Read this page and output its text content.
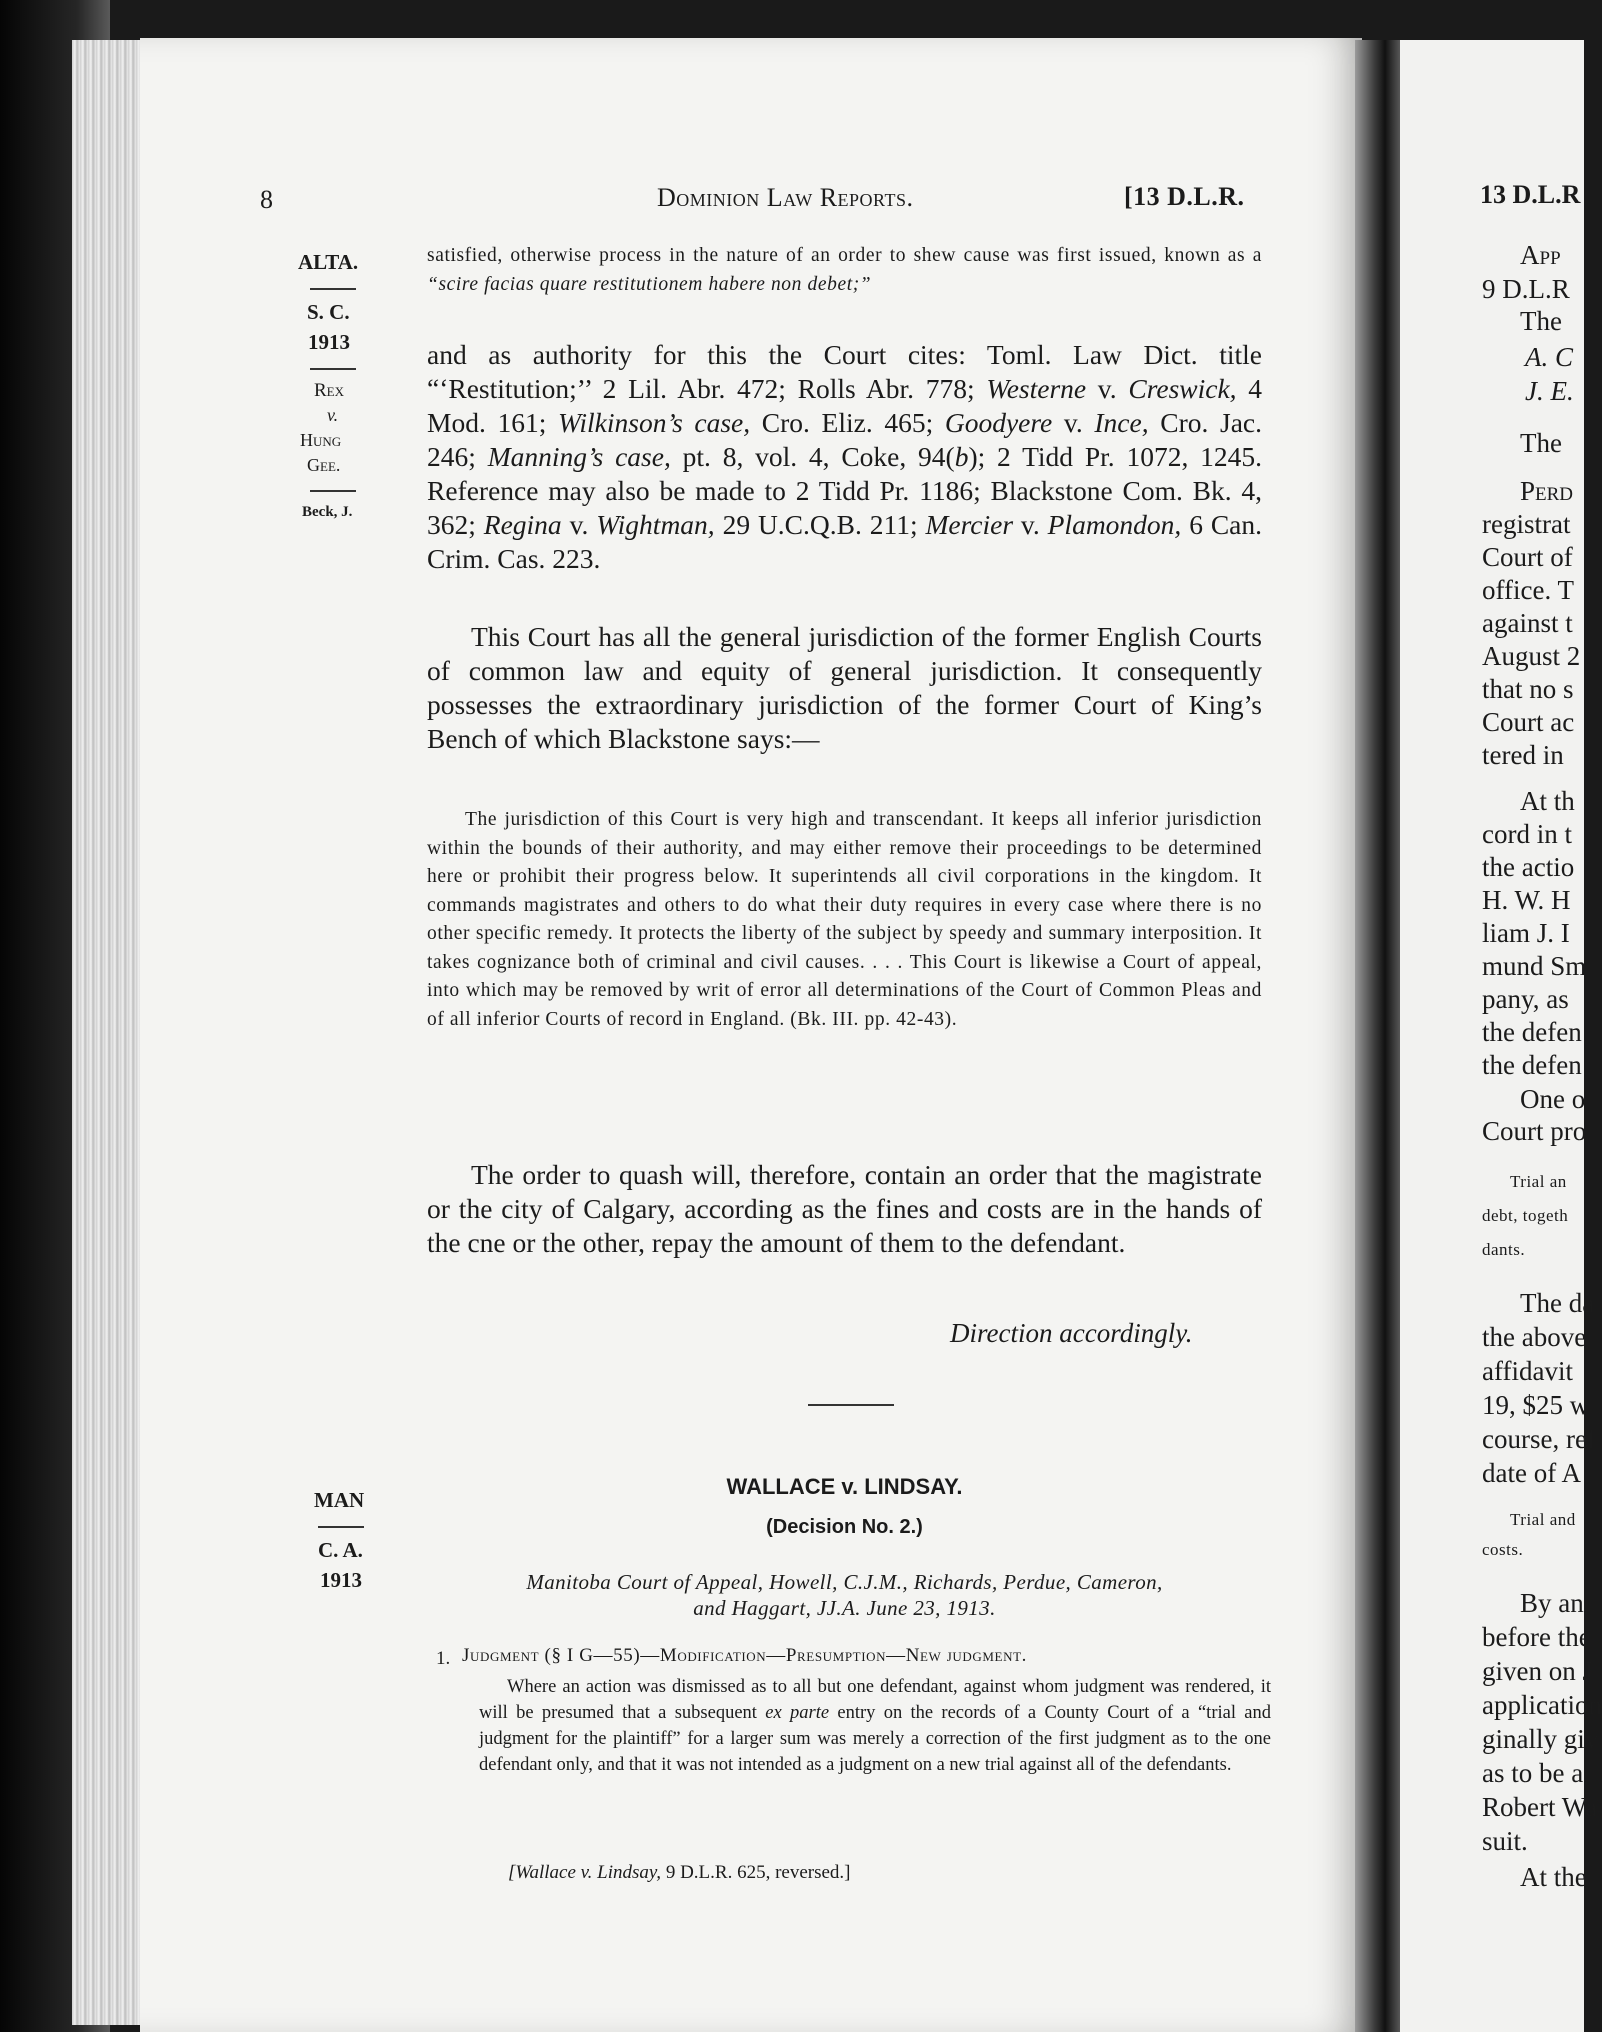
8	Dominion Law Reports.	[13 D.L.R.
ALTA.
S. C.
1913
Rex
v.
Hung
Gee.
Beck, J.
satisfied, otherwise process in the nature of an order to shew cause was first issued, known as a “scire facias quare restitutionem habere non debet;”
and as authority for this the Court cites: Toml. Law Dict. title “‘Restitution;’’ 2 Lil. Abr. 472; Rolls Abr. 778; Westerne v. Creswick, 4 Mod. 161; Wilkinson’s case, Cro. Eliz. 465; Goodyere v. Ince, Cro. Jac. 246; Manning’s case, pt. 8, vol. 4, Coke, 94(b); 2 Tidd Pr. 1072, 1245. Reference may also be made to 2 Tidd Pr. 1186; Blackstone Com. Bk. 4, 362; Regina v. Wightman, 29 U.C.Q.B. 211; Mercier v. Plamondon, 6 Can. Crim. Cas. 223.
This Court has all the general jurisdiction of the former English Courts of common law and equity of general jurisdiction. It consequently possesses the extraordinary jurisdiction of the former Court of King’s Bench of which Blackstone says:—
The jurisdiction of this Court is very high and transcendant. It keeps all inferior jurisdiction within the bounds of their authority, and may either remove their proceedings to be determined here or prohibit their progress below. It superintends all civil corporations in the kingdom. It commands magistrates and others to do what their duty requires in every case where there is no other specific remedy. It protects the liberty of the subject by speedy and summary interposition. It takes cognizance both of criminal and civil causes. . . . This Court is likewise a Court of appeal, into which may be removed by writ of error all determinations of the Court of Common Pleas and of all inferior Courts of record in England. (Bk. III. pp. 42-43).
The order to quash will, therefore, contain an order that the magistrate or the city of Calgary, according as the fines and costs are in the hands of the cne or the other, repay the amount of them to the defendant.
Direction accordingly.
MAN
C. A.
1913
WALLACE v. LINDSAY.
(Decision No. 2.)
Manitoba Court of Appeal, Howell, C.J.M., Richards, Perdue, Cameron,
and Haggart, JJ.A. June 23, 1913.
1. Judgment (§ I G—55)—Modification—Presumption—New judgment.
Where an action was dismissed as to all but one defendant, against whom judgment was rendered, it will be presumed that a subsequent ex parte entry on the records of a County Court of a “trial and judgment for the plaintiff” for a larger sum was merely a correction of the first judgment as to the one defendant only, and that it was not intended as a judgment on a new trial against all of the defendants.
[Wallace v. Lindsay, 9 D.L.R. 625, reversed.]
13 D.L.R
App
9 D.L.R
The
A. C
J. E.
The
Perd
registrat
Court of
office. T
against t
August 2
that no s
Court ac
tered in
At th
cord in t
the actio
H. W. H
liam J. I
mund Sm
pany, as
the defen
the defen
One o
Court pro
Trial an
debt, togeth
dants.
The da
the above
affidavit
19, $25 w
course, ref
date of A
Trial and
costs.
By an
before the
given on J
application
ginally giv
as to be a
Robert Wa
suit.
At the
